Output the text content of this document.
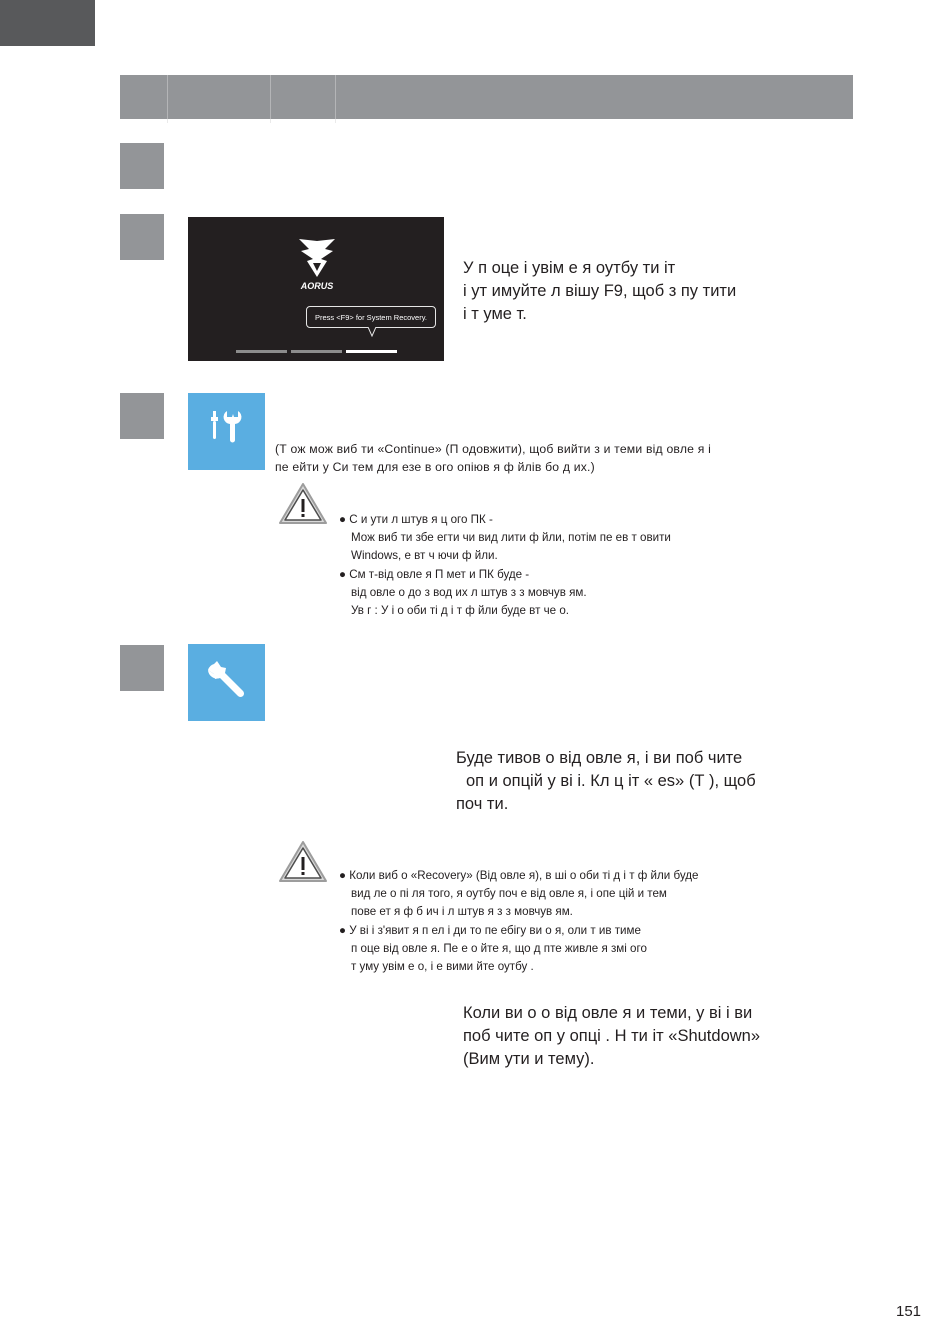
AORUS
Press <F9> for System Recovery.
У п оце і увім е я оутбу ти іт
і ут имуйте л вішу F9, щоб з пу тити
і т уме т.
(Т ож мож виб ти «Continue» (П одовжити), щоб вийти з и теми від овле я і
пе ейти у Си тем для езе в ого опіюв я ф йлів бо д их.)
● С и ути л штув я ц ого ПК -
Мож виб ти збе егти чи вид лити ф йли, потім пе ев т овити
Windows, е вт ч ючи ф йли.
● См т-від овле я П мет и ПК буде -
від овле о до з вод их л штув з з мовчув ям.
Ув г : У і о оби ті д і т ф йли буде вт че о.
Буде тивов о від овле я, і ви поб чите
оп и опцій у ві і. Кл ц іт « es» (Т ), щоб
поч ти.
● Коли виб о «Recovery» (Від овле я), в ші о оби ті д і т ф йли буде
вид ле о пі ля того, я оутбу поч е від овле я, і опе цій и тем
пове ет я ф б ич і л штув я з з мовчув ям.
● У ві і з'явит я п ел і ди то пе ебігу ви о я, оли т ив тиме
п оце від овле я. Пе е о йте я, що д пте живле я змі ого
т уму увім е о, і е вими йте оутбу .
Коли ви о о від овле я и теми, у ві і ви
поб чите оп у опці . Н ти іт «Shutdown»
(Вим ути и тему).
151
